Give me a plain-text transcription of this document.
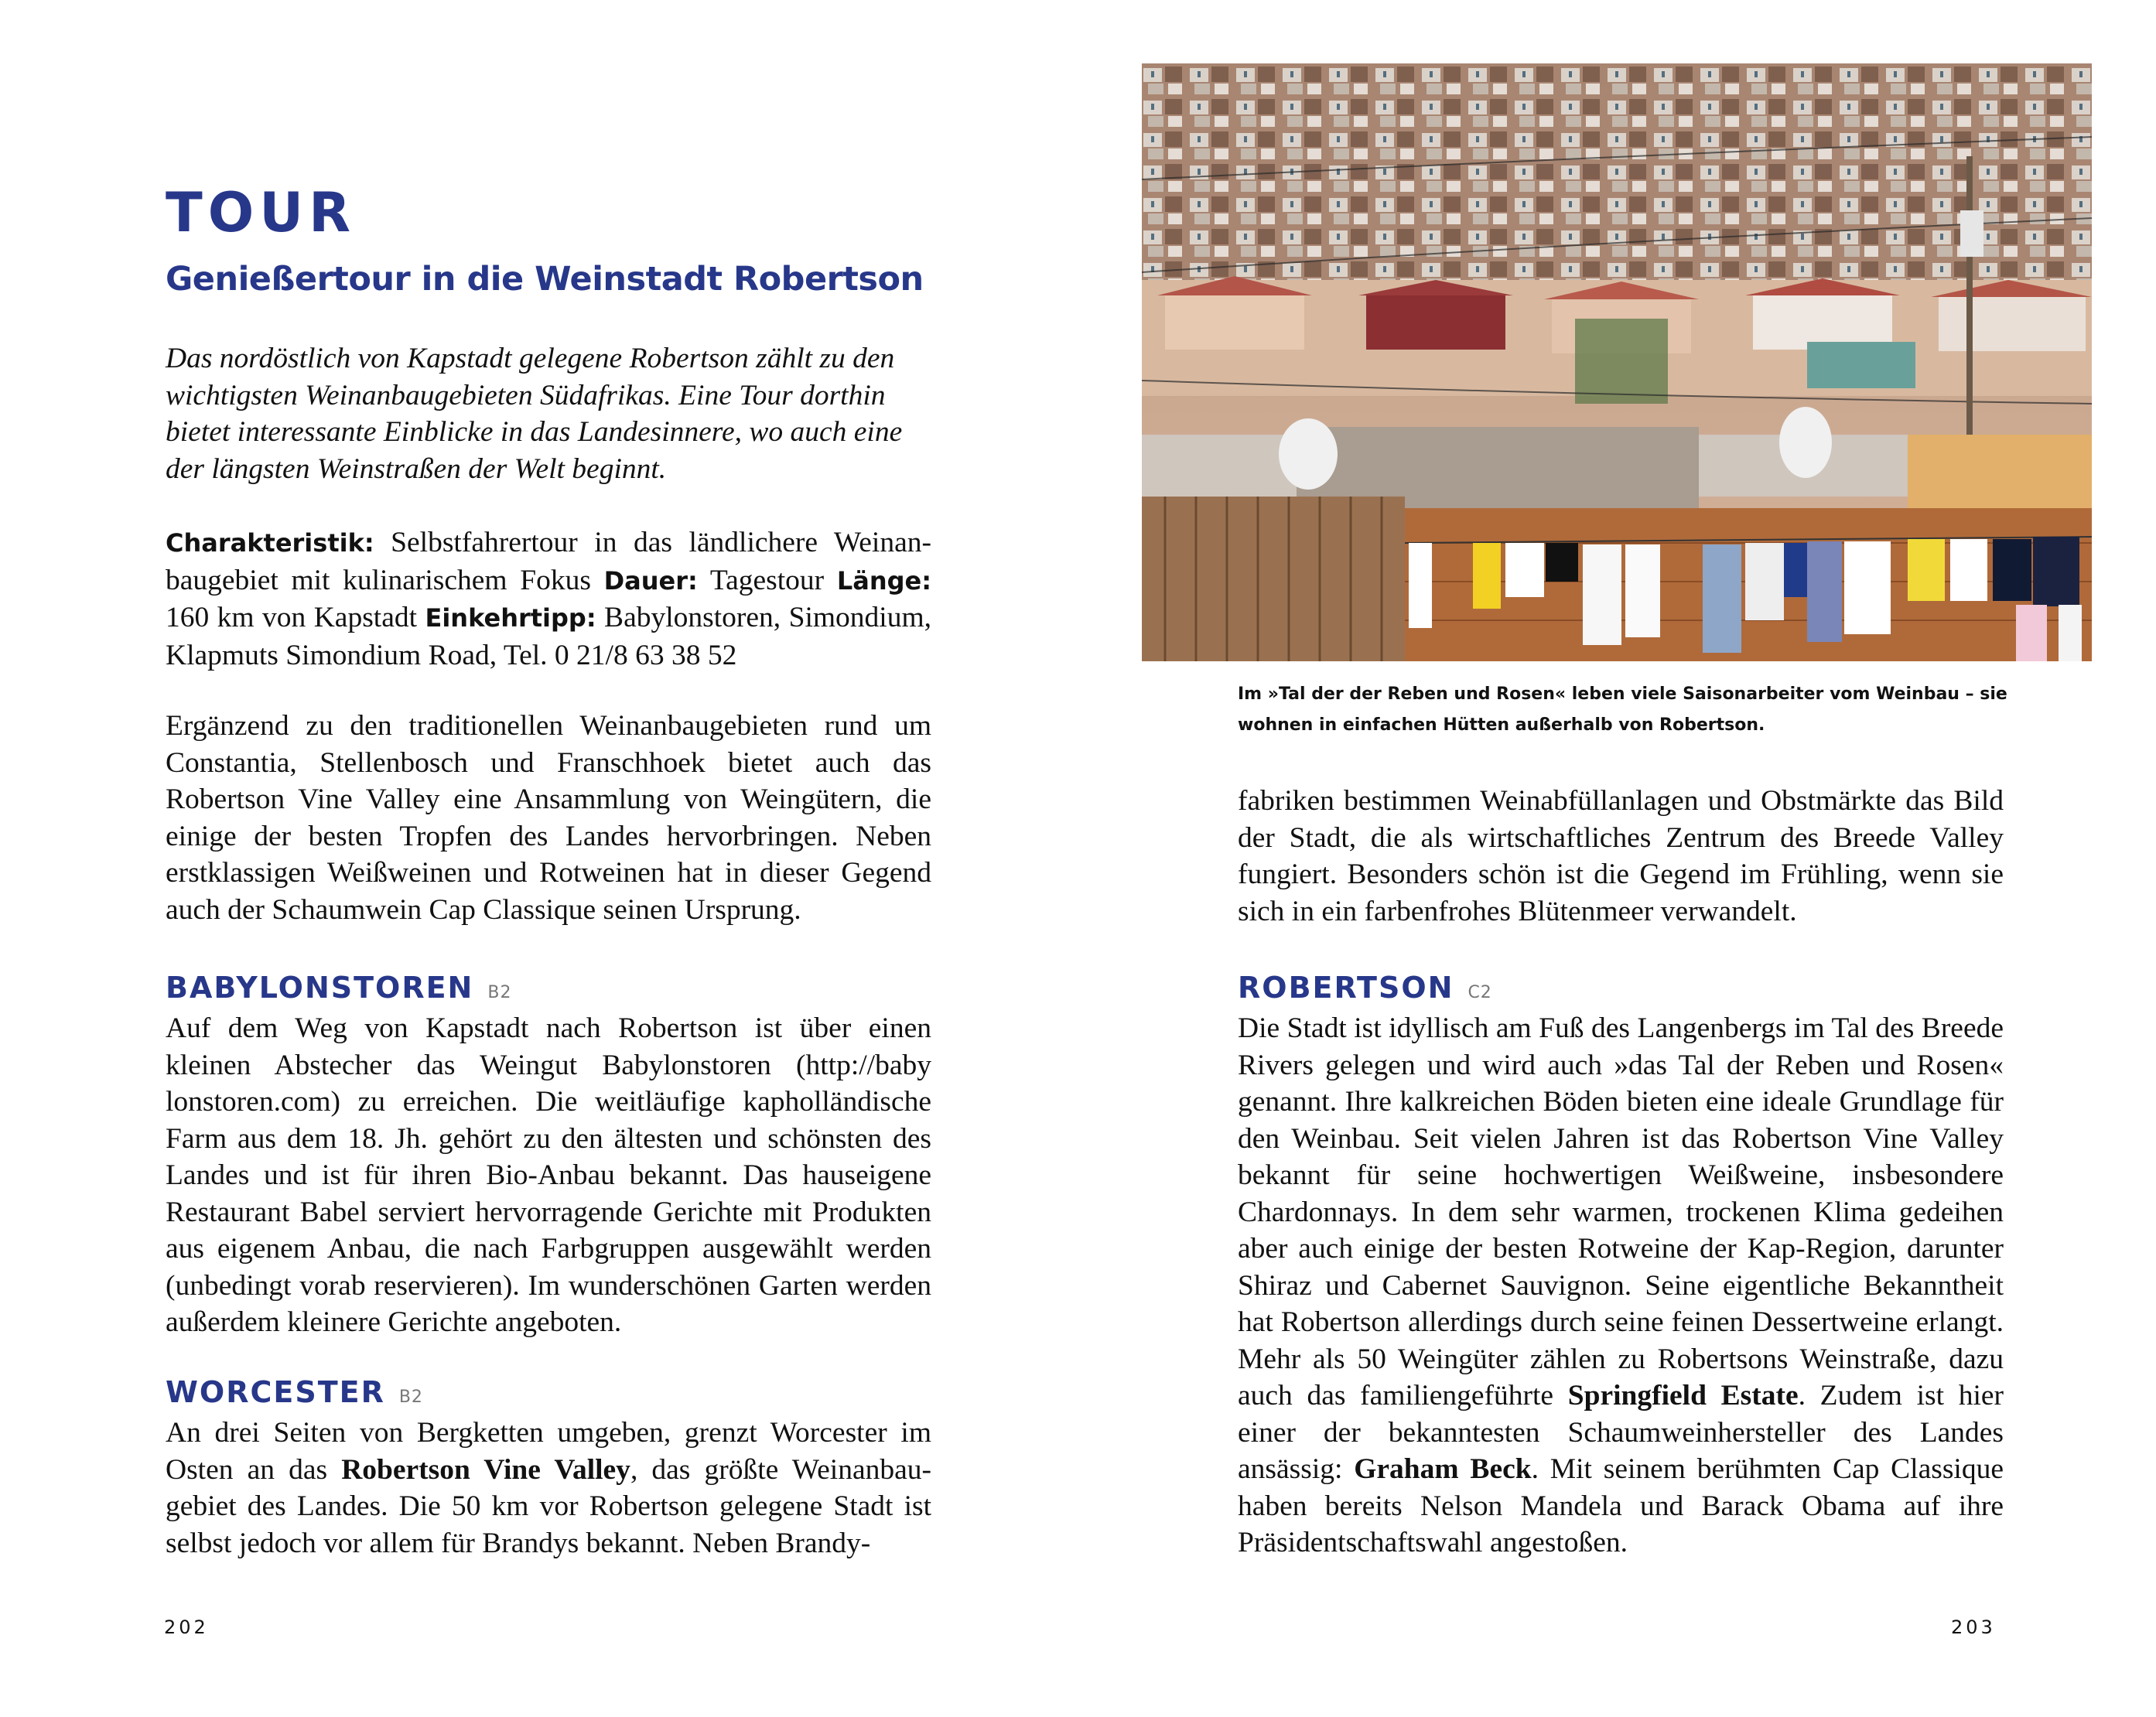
TOUR
Genießertour in die Weinstadt Robertson

Das nordöstlich von Kapstadt gelegene Robertson zählt zu den wichtigsten Weinanbaugebieten Südafrikas. Eine Tour dorthin bietet interessante Einblicke in das Landesinnere, wo auch eine der längsten Weinstraßen der Welt beginnt.

Charakteristik: Selbstfahrertour in das ländlichere Weinanbaugebiet mit kulinarischem Fokus Dauer: Tagestour Länge: 160 km von Kapstadt Einkehrtipp: Babylonstoren, Simondium, Klapmuts Simondium Road, Tel. 0 21/8 63 38 52

Ergänzend zu den traditionellen Weinanbaugebieten rund um Constantia, Stellenbosch und Franschhoek bietet auch das Robertson Vine Valley eine Ansammlung von Weingütern, die einige der besten Tropfen des Landes hervorbringen. Neben erstklassigen Weißweinen und Rotweinen hat in dieser Gegend auch der Schaumwein Cap Classique seinen Ursprung.

BABYLONSTOREN B2

Auf dem Weg von Kapstadt nach Robertson ist über einen kleinen Abstecher das Weingut Babylonstoren (http://baby lonstoren.com) zu erreichen. Die weitläufige kapholländische Farm aus dem 18. Jh. gehört zu den ältesten und schönsten des Landes und ist für ihren Bio-Anbau bekannt. Das hauseigene Restaurant Babel serviert hervorragende Gerichte mit Produkten aus eigenem Anbau, die nach Farbgruppen ausgewählt werden (unbedingt vorab reservieren). Im wunderschönen Garten werden außerdem kleinere Gerichte angeboten.

WORCESTER B2

An drei Seiten von Bergketten umgeben, grenzt Worcester im Osten an das Robertson Vine Valley, das größte Weinanbaugebiet des Landes. Die 50 km vor Robertson gelegene Stadt ist selbst jedoch vor allem für Brandys bekannt. Neben Brandy-

202

Im »Tal der der Reben und Rosen« leben viele Saisonarbeiter vom Weinbau – sie wohnen in einfachen Hütten außerhalb von Robertson.

fabriken bestimmen Weinabfüllanlagen und Obstmärkte das Bild der Stadt, die als wirtschaftliches Zentrum des Breede Valley fungiert. Besonders schön ist die Gegend im Frühling, wenn sie sich in ein farbenfrohes Blütenmeer verwandelt.

ROBERTSON C2

Die Stadt ist idyllisch am Fuß des Langenbergs im Tal des Breede Rivers gelegen und wird auch »das Tal der Reben und Rosen« genannt. Ihre kalkreichen Böden bieten eine ideale Grundlage für den Weinbau. Seit vielen Jahren ist das Robertson Vine Valley bekannt für seine hochwertigen Weißweine, insbesondere Chardonnays. In dem sehr warmen, trockenen Klima gedeihen aber auch einige der besten Rotweine der Kap-Region, darunter Shiraz und Cabernet Sauvignon. Seine eigentliche Bekanntheit hat Robertson allerdings durch seine feinen Dessertweine erlangt. Mehr als 50 Weingüter zählen zu Robertsons Weinstraße, dazu auch das familiengeführte Springfield Estate. Zudem ist hier einer der bekanntesten Schaumweinhersteller des Landes ansässig: Graham Beck. Mit seinem berühmten Cap Classique haben bereits Nelson Mandela und Barack Obama auf ihre Präsidentschaftswahl angestoßen.

203
